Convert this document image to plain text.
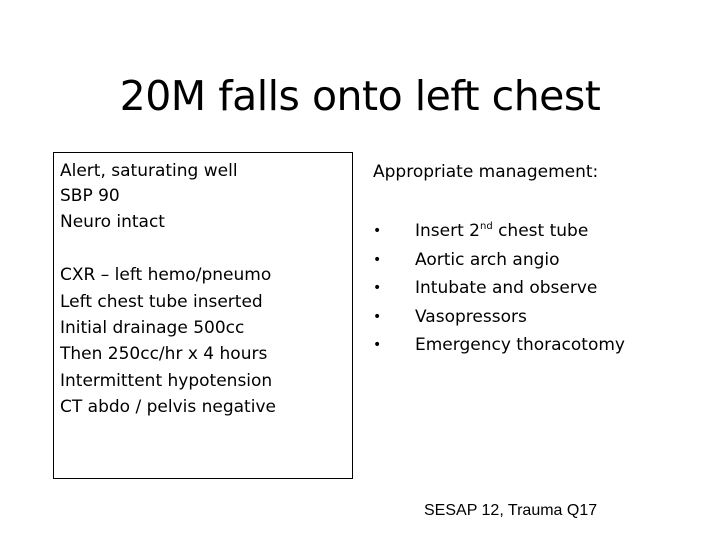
20M falls onto left chest
Alert, saturating well
SBP 90
Neuro intact
CXR – left hemo/pneumo
Left chest tube inserted
Initial drainage 500cc
Then 250cc/hr x 4 hours
Intermittent hypotension
CT abdo / pelvis negative
Appropriate management:
•	Insert 2nd chest tube
•	Aortic arch angio
•	Intubate and observe
•	Vasopressors
•	Emergency thoracotomy
SESAP 12, Trauma Q17
